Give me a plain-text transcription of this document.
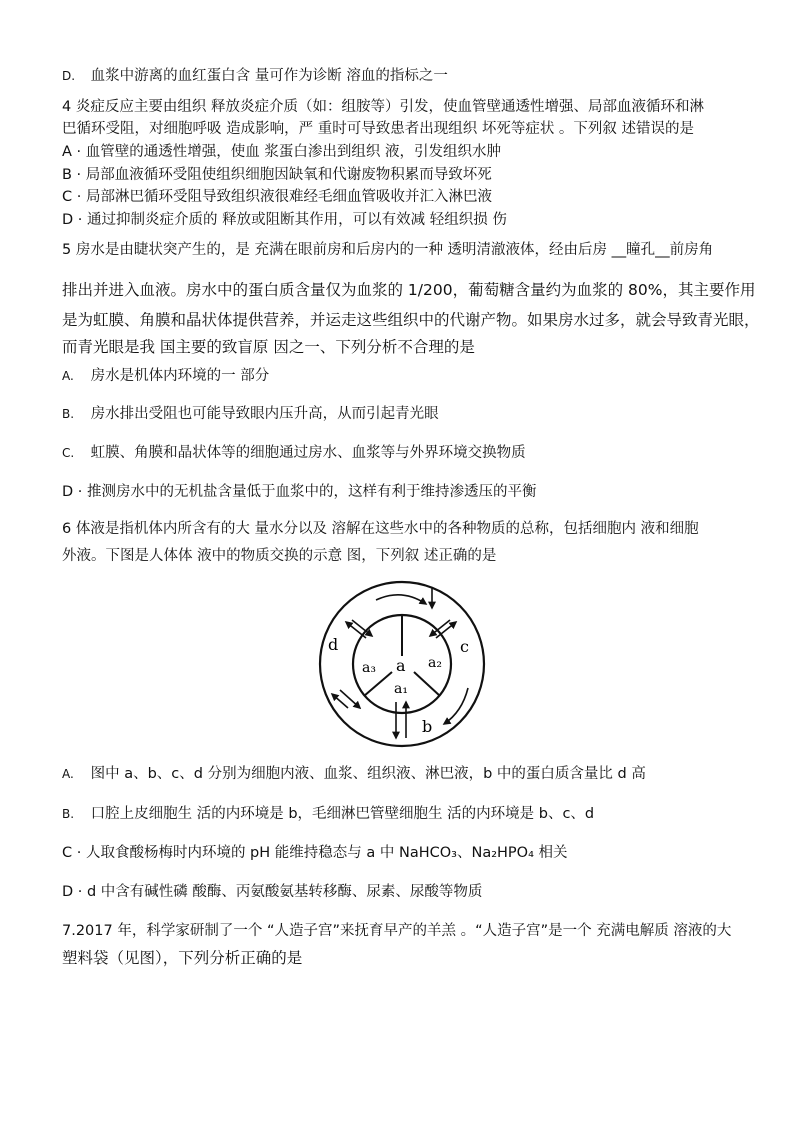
D. 血浆中游离的血红蛋白含 量可作为诊断 溶血的指标之一
4 炎症反应主要由组织 释放炎症介质（如：组胺等）引发，使血管壁通透性增强、局部血液循环和淋
巴循环受阻，对细胞呼吸 造成影响，严 重时可导致患者出现组织 坏死等症状 。下列叙 述错误的是
A · 血管壁的通透性增强，使血 浆蛋白渗出到组织 液，引发组织水肿
B · 局部血液循环受阻使组织细胞因缺氧和代谢废物积累而导致坏死
C · 局部淋巴循环受阻导致组织液很难经毛细血管吸收并汇入淋巴液
D · 通过抑制炎症介质的 释放或阻断其作用，可以有效减 轻组织损 伤
5 房水是由睫状突产生的，是 充满在眼前房和后房内的一种 透明清澈液体，经由后房 __瞳孔__前房角
排出并进入血液。房水中的蛋白质含量仅为血浆的 1/200，葡萄糖含量约为血浆的 80%，其主要作用
是为虹膜、角膜和晶状体提供营养，并运走这些组织中的代谢产物。如果房水过多，就会导致青光眼，
而青光眼是我 国主要的致盲原 因之一、下列分析不合理的是
A. 房水是机体内环境的一 部分
B. 房水排出受阻也可能导致眼内压升高，从而引起青光眼
C. 虹膜、角膜和晶状体等的细胞通过房水、血浆等与外界环境交换物质
D · 推测房水中的无机盐含量低于血浆中的，这样有利于维持渗透压的平衡
6 体液是指机体内所含有的大 量水分以及 溶解在这些水中的各种物质的总称，包括细胞内 液和细胞
外液。下图是人体体 液中的物质交换的示意 图，下列叙 述正确的是
a
a₃	a₂
a₁
d	c
b
A. 图中 a、b、c、d 分别为细胞内液、血浆、组织液、淋巴液，b 中的蛋白质含量比 d 高
B. 口腔上皮细胞生 活的内环境是 b，毛细淋巴管壁细胞生 活的内环境是 b、c、d
C · 人取食酸杨梅时内环境的 pH 能维持稳态与 a 中 NaHCO₃、Na₂HPO₄ 相关
D · d 中含有碱性磷 酸酶、丙氨酸氨基转移酶、尿素、尿酸等物质
7.2017 年，科学家研制了一个 “人造子宫”来抚育早产的羊羔 。“人造子宫”是一个 充满电解质 溶液的大
塑料袋（见图），下列分析正确的是
